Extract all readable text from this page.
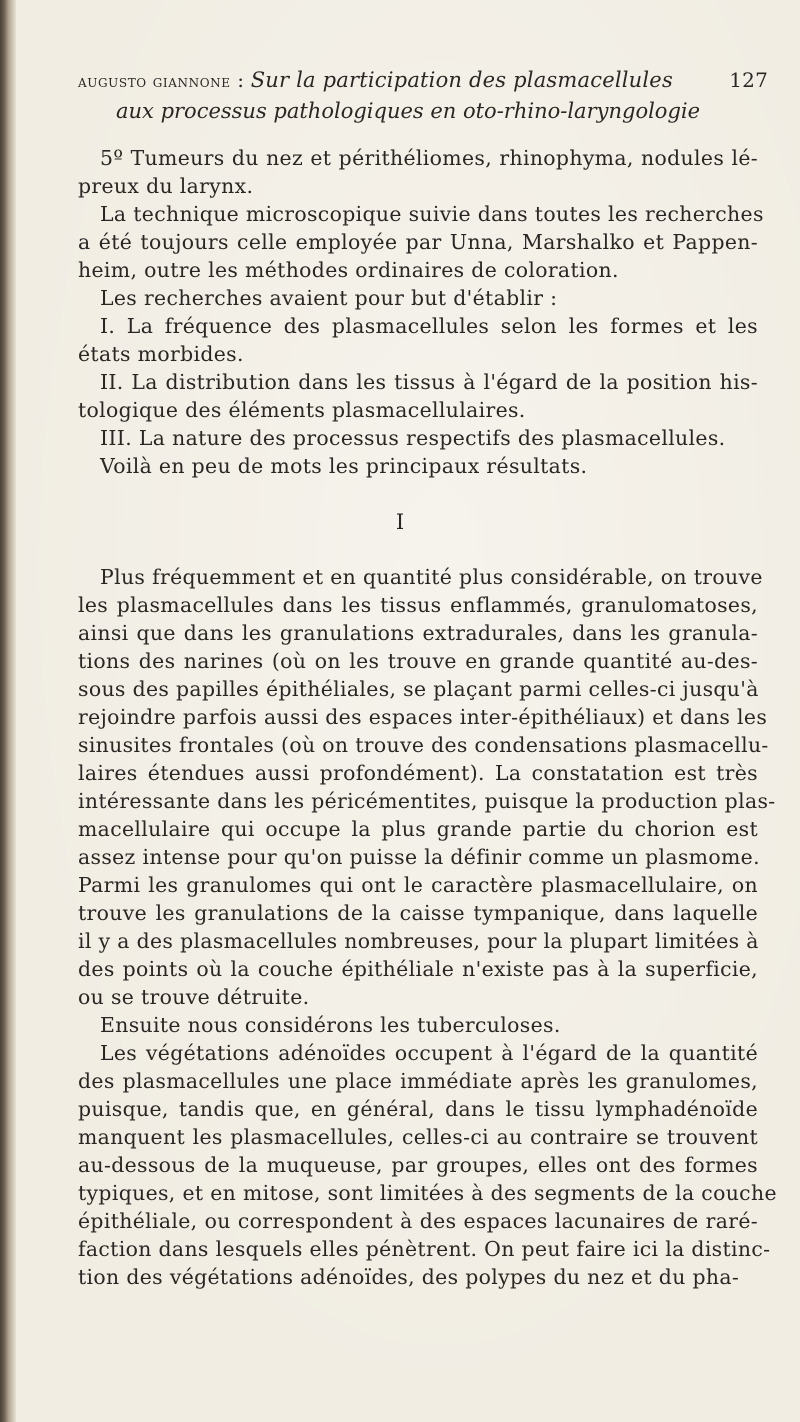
augusto giannone : Sur la participation des plasmacellules	127
aux processus pathologiques en oto-rhino-laryngologie
5º Tumeurs du nez et périthéliomes, rhinophyma, nodules lé-
preux du larynx.
La technique microscopique suivie dans toutes les recherches
a été toujours celle employée par Unna, Marshalko et Pappen-
heim, outre les méthodes ordinaires de coloration.
Les recherches avaient pour but d'établir :
I. La fréquence des plasmacellules selon les formes et les
états morbides.
II. La distribution dans les tissus à l'égard de la position his-
tologique des éléments plasmacellulaires.
III. La nature des processus respectifs des plasmacellules.
Voilà en peu de mots les principaux résultats.
I
Plus fréquemment et en quantité plus considérable, on trouve
les plasmacellules dans les tissus enflammés, granulomatoses,
ainsi que dans les granulations extradurales, dans les granula-
tions des narines (où on les trouve en grande quantité au-des-
sous des papilles épithéliales, se plaçant parmi celles-ci jusqu'à
rejoindre parfois aussi des espaces inter-épithéliaux) et dans les
sinusites frontales (où on trouve des condensations plasmacellu-
laires étendues aussi profondément). La constatation est très
intéressante dans les péricémentites, puisque la production plas-
macellulaire qui occupe la plus grande partie du chorion est
assez intense pour qu'on puisse la définir comme un plasmome.
Parmi les granulomes qui ont le caractère plasmacellulaire, on
trouve les granulations de la caisse tympanique, dans laquelle
il y a des plasmacellules nombreuses, pour la plupart limitées à
des points où la couche épithéliale n'existe pas à la superficie,
ou se trouve détruite.
Ensuite nous considérons les tuberculoses.
Les végétations adénoïdes occupent à l'égard de la quantité
des plasmacellules une place immédiate après les granulomes,
puisque, tandis que, en général, dans le tissu lymphadénoïde
manquent les plasmacellules, celles-ci au contraire se trouvent
au-dessous de la muqueuse, par groupes, elles ont des formes
typiques, et en mitose, sont limitées à des segments de la couche
épithéliale, ou correspondent à des espaces lacunaires de raré-
faction dans lesquels elles pénètrent. On peut faire ici la distinc-
tion des végétations adénoïdes, des polypes du nez et du pha-
